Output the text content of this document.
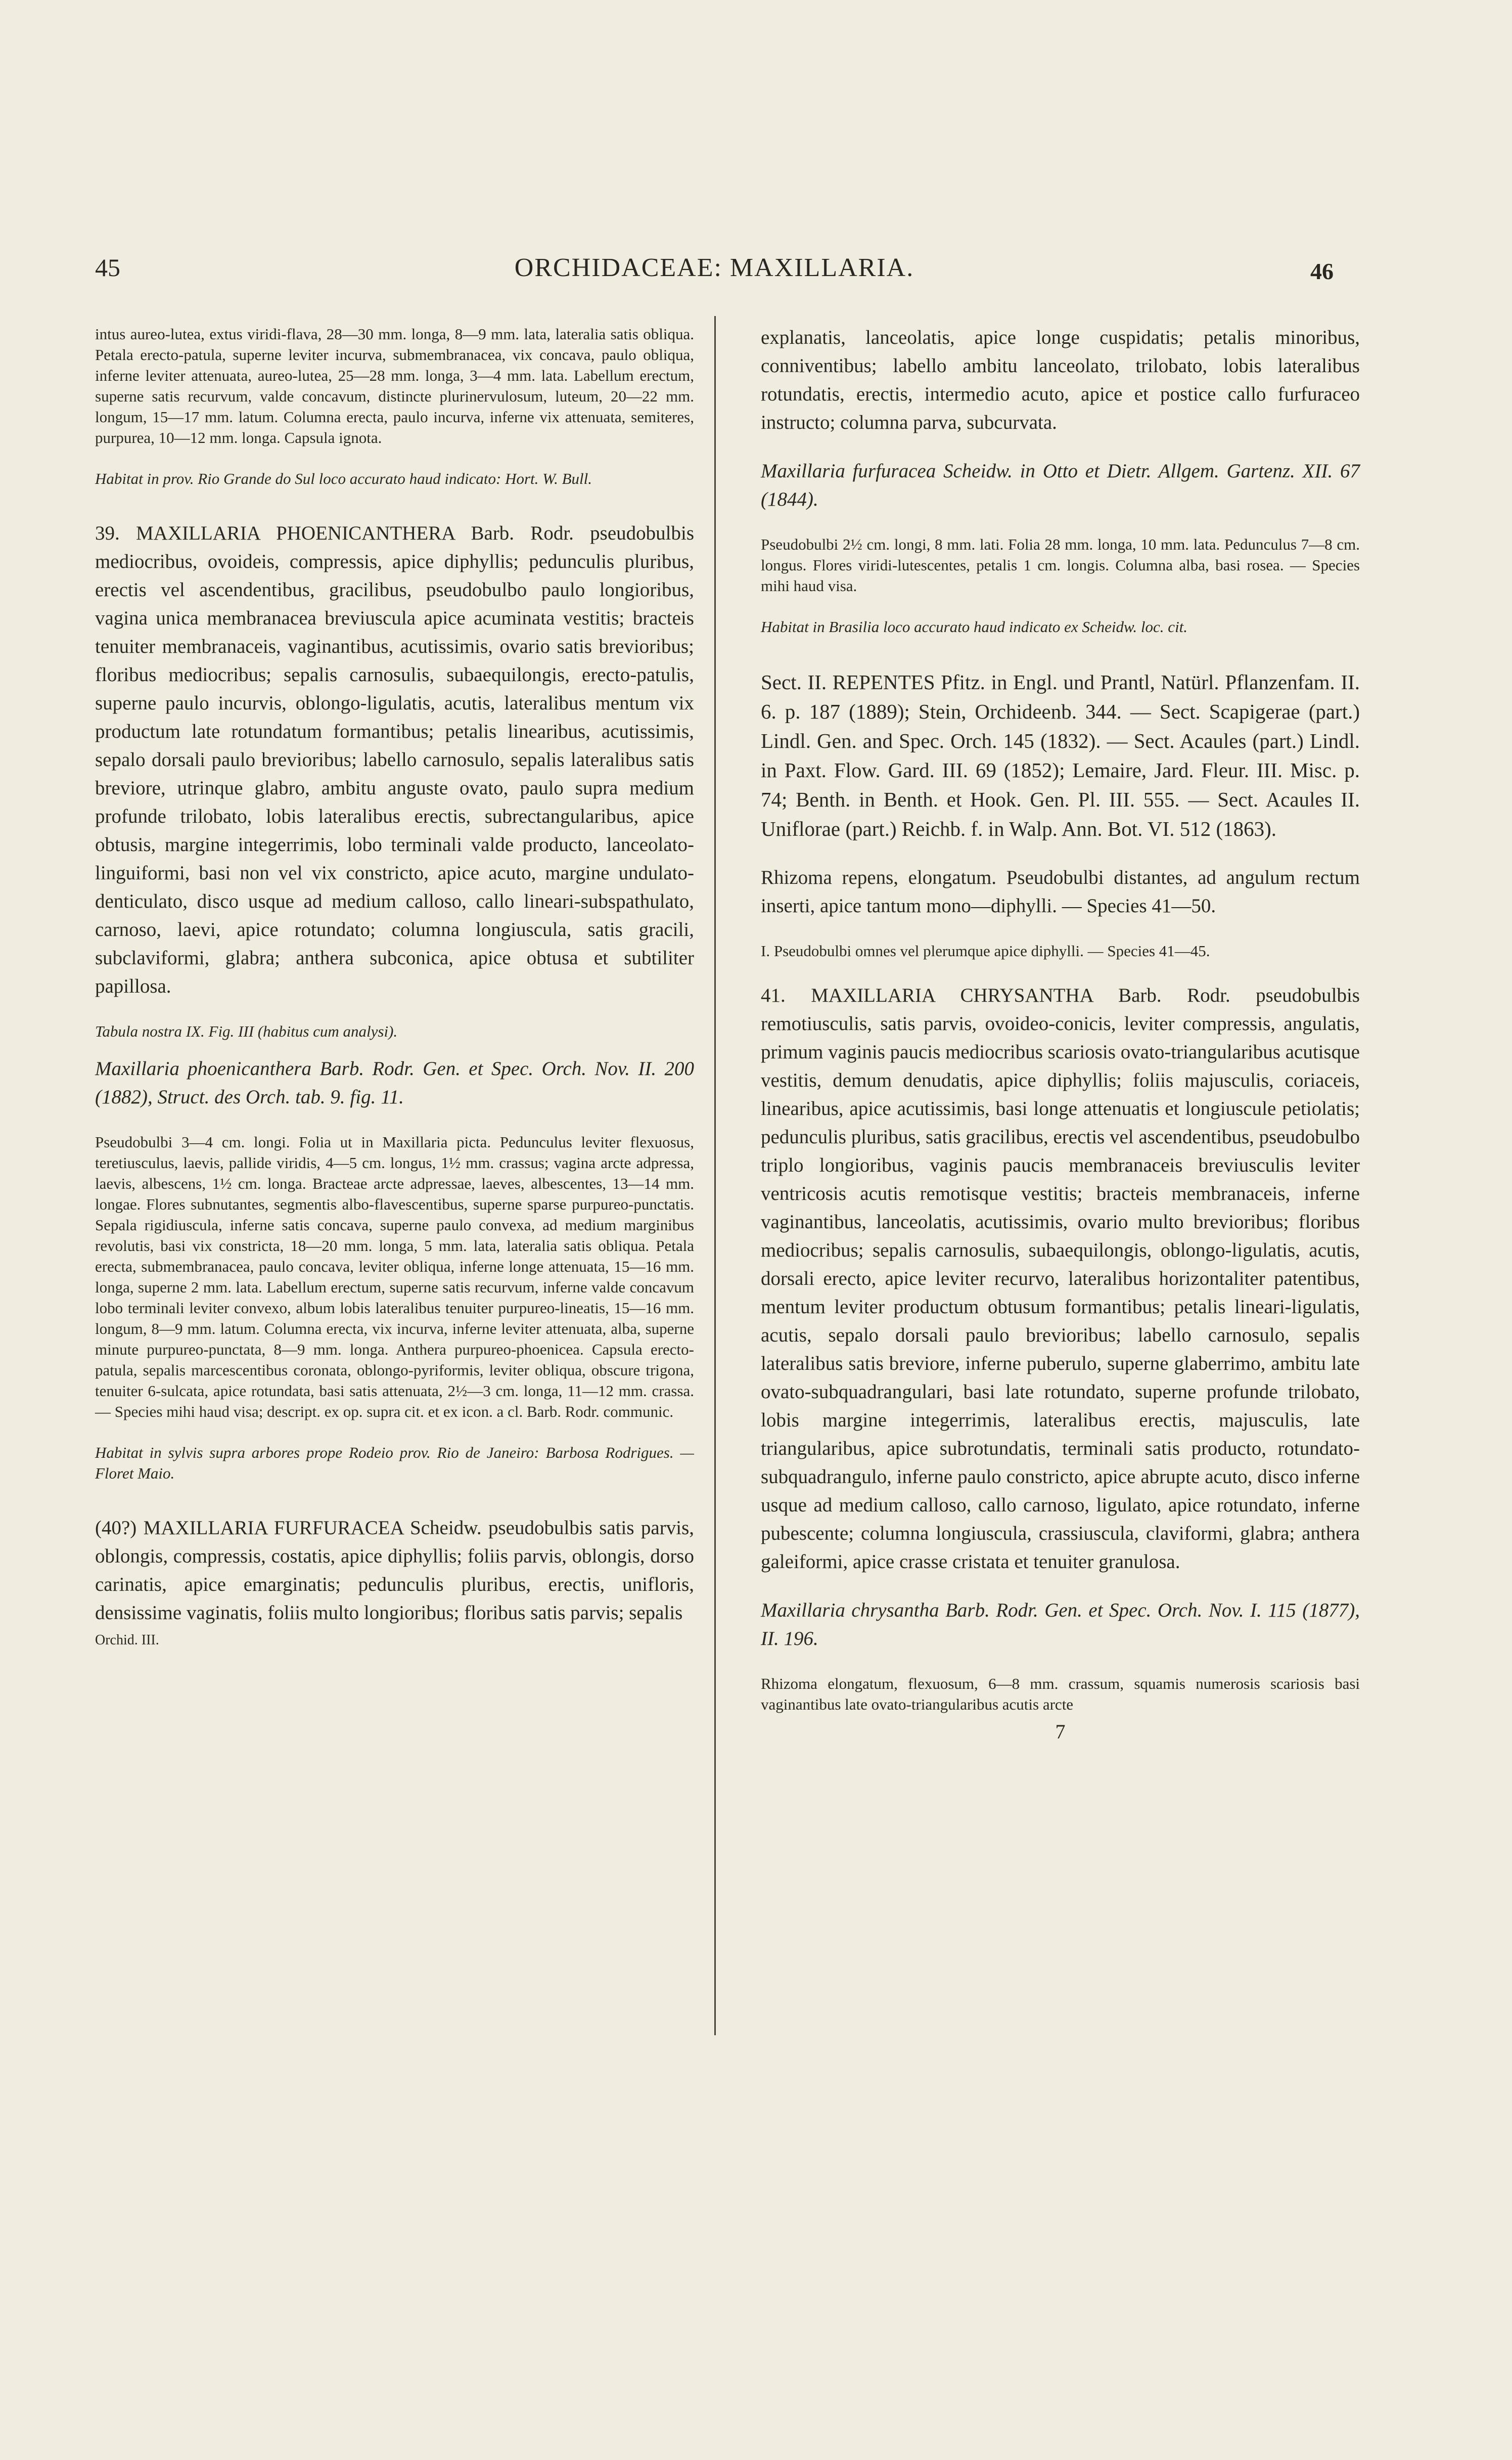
45	ORCHIDACEAE: MAXILLARIA.	46

intus aureo-lutea, extus viridi-flava, 28—30 mm. longa, 8—9 mm. lata, lateralia satis obliqua. Petala erecto-patula, superne leviter incurva, submembranacea, vix concava, paulo obliqua, inferne leviter attenuata, aureo-lutea, 25—28 mm. longa, 3—4 mm. lata. Labellum erectum, superne satis recurvum, valde concavum, distincte plurinervulosum, luteum, 20—22 mm. longum, 15—17 mm. latum. Columna erecta, paulo incurva, inferne vix attenuata, semiteres, purpurea, 10—12 mm. longa. Capsula ignota.

Habitat in prov. Rio Grande do Sul loco accurato haud indicato: Hort. W. Bull.

39. MAXILLARIA PHOENICANTHERA Barb. Rodr. pseudobulbis mediocribus, ovoideis, compressis, apice diphyllis; pedunculis pluribus, erectis vel ascendentibus, gracilibus, pseudobulbo paulo longioribus, vagina unica membranacea breviuscula apice acuminata vestitis; bracteis tenuiter membranaceis, vaginantibus, acutissimis, ovario satis brevioribus; floribus mediocribus; sepalis carnosulis, subaequilongis, erecto-patulis, superne paulo incurvis, oblongo-ligulatis, acutis, lateralibus mentum vix productum late rotundatum formantibus; petalis linearibus, acutissimis, sepalo dorsali paulo brevioribus; labello carnosulo, sepalis lateralibus satis breviore, utrinque glabro, ambitu anguste ovato, paulo supra medium profunde trilobato, lobis lateralibus erectis, subrectangularibus, apice obtusis, margine integerrimis, lobo terminali valde producto, lanceolato-linguiformi, basi non vel vix constricto, apice acuto, margine undulato-denticulato, disco usque ad medium calloso, callo lineari-subspathulato, carnoso, laevi, apice rotundato; columna longiuscula, satis gracili, subclaviformi, glabra; anthera subconica, apice obtusa et subtiliter papillosa.

Tabula nostra IX. Fig. III (habitus cum analysi).

Maxillaria phoenicanthera Barb. Rodr. Gen. et Spec. Orch. Nov. II. 200 (1882), Struct. des Orch. tab. 9. fig. 11.

Pseudobulbi 3—4 cm. longi. Folia ut in Maxillaria picta. Pedunculus leviter flexuosus, teretiusculus, laevis, pallide viridis, 4—5 cm. longus, 1½ mm. crassus; vagina arcte adpressa, laevis, albescens, 1½ cm. longa. Bracteae arcte adpressae, laeves, albescentes, 13—14 mm. longae. Flores subnutantes, segmentis albo-flavescentibus, superne sparse purpureo-punctatis. Sepala rigidiuscula, inferne satis concava, superne paulo convexa, ad medium marginibus revolutis, basi vix constricta, 18—20 mm. longa, 5 mm. lata, lateralia satis obliqua. Petala erecta, submembranacea, paulo concava, leviter obliqua, inferne longe attenuata, 15—16 mm. longa, superne 2 mm. lata. Labellum erectum, superne satis recurvum, inferne valde concavum lobo terminali leviter convexo, album lobis lateralibus tenuiter purpureo-lineatis, 15—16 mm. longum, 8—9 mm. latum. Columna erecta, vix incurva, inferne leviter attenuata, alba, superne minute purpureo-punctata, 8—9 mm. longa. Anthera purpureo-phoenicea. Capsula erecto-patula, sepalis marcescentibus coronata, oblongo-pyriformis, leviter obliqua, obscure trigona, tenuiter 6-sulcata, apice rotundata, basi satis attenuata, 2½—3 cm. longa, 11—12 mm. crassa. — Species mihi haud visa; descript. ex op. supra cit. et ex icon. a cl. Barb. Rodr. communic.

Habitat in sylvis supra arbores prope Rodeio prov. Rio de Janeiro: Barbosa Rodrigues. — Floret Maio.

(40?) MAXILLARIA FURFURACEA Scheidw. pseudobulbis satis parvis, oblongis, compressis, costatis, apice diphyllis; foliis parvis, oblongis, dorso carinatis, apice emarginatis; pedunculis pluribus, erectis, unifloris, densissime vaginatis, foliis multo longioribus; floribus satis parvis; sepalis

Orchid. III.

explanatis, lanceolatis, apice longe cuspidatis; petalis minoribus, conniventibus; labello ambitu lanceolato, trilobato, lobis lateralibus rotundatis, erectis, intermedio acuto, apice et postice callo furfuraceo instructo; columna parva, subcurvata.

Maxillaria furfuracea Scheidw. in Otto et Dietr. Allgem. Gartenz. XII. 67 (1844).

Pseudobulbi 2½ cm. longi, 8 mm. lati. Folia 28 mm. longa, 10 mm. lata. Pedunculus 7—8 cm. longus. Flores viridi-lutescentes, petalis 1 cm. longis. Columna alba, basi rosea. — Species mihi haud visa.

Habitat in Brasilia loco accurato haud indicato ex Scheidw. loc. cit.

Sect. II. REPENTES Pfitz. in Engl. und Prantl, Natürl. Pflanzenfam. II. 6. p. 187 (1889); Stein, Orchideenb. 344. — Sect. Scapigerae (part.) Lindl. Gen. and Spec. Orch. 145 (1832). — Sect. Acaules (part.) Lindl. in Paxt. Flow. Gard. III. 69 (1852); Lemaire, Jard. Fleur. III. Misc. p. 74; Benth. in Benth. et Hook. Gen. Pl. III. 555. — Sect. Acaules II. Uniflorae (part.) Reichb. f. in Walp. Ann. Bot. VI. 512 (1863).

Rhizoma repens, elongatum. Pseudobulbi distantes, ad angulum rectum inserti, apice tantum mono—diphylli. — Species 41—50.

I. Pseudobulbi omnes vel plerumque apice diphylli. — Species 41—45.

41. MAXILLARIA CHRYSANTHA Barb. Rodr. pseudobulbis remotiusculis, satis parvis, ovoideo-conicis, leviter compressis, angulatis, primum vaginis paucis mediocribus scariosis ovato-triangularibus acutisque vestitis, demum denudatis, apice diphyllis; foliis majusculis, coriaceis, linearibus, apice acutissimis, basi longe attenuatis et longiuscule petiolatis; pedunculis pluribus, satis gracilibus, erectis vel ascendentibus, pseudobulbo triplo longioribus, vaginis paucis membranaceis breviusculis leviter ventricosis acutis remotisque vestitis; bracteis membranaceis, inferne vaginantibus, lanceolatis, acutissimis, ovario multo brevioribus; floribus mediocribus; sepalis carnosulis, subaequilongis, oblongo-ligulatis, acutis, dorsali erecto, apice leviter recurvo, lateralibus horizontaliter patentibus, mentum leviter productum obtusum formantibus; petalis lineari-ligulatis, acutis, sepalo dorsali paulo brevioribus; labello carnosulo, sepalis lateralibus satis breviore, inferne puberulo, superne glaberrimo, ambitu late ovato-subquadrangulari, basi late rotundato, superne profunde trilobato, lobis margine integerrimis, lateralibus erectis, majusculis, late triangularibus, apice subrotundatis, terminali satis producto, rotundato-subquadrangulo, inferne paulo constricto, apice abrupte acuto, disco inferne usque ad medium calloso, callo carnoso, ligulato, apice rotundato, inferne pubescente; columna longiuscula, crassiuscula, claviformi, glabra; anthera galeiformi, apice crasse cristata et tenuiter granulosa.

Maxillaria chrysantha Barb. Rodr. Gen. et Spec. Orch. Nov. I. 115 (1877), II. 196.

Rhizoma elongatum, flexuosum, 6—8 mm. crassum, squamis numerosis scariosis basi vaginantibus late ovato-triangularibus acutis arcte

7
